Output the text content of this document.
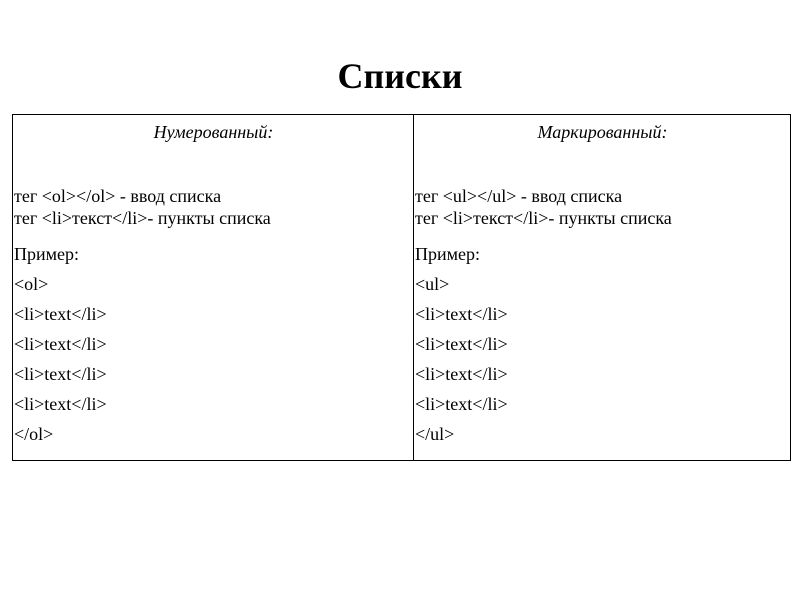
Списки
Нумерованный:
тег <ol></ol> - ввод списка
тег <li>текст</li>- пункты списка
Пример:
<ol>
<li>text</li>
<li>text</li>
<li>text</li>
<li>text</li>
</ol>

Маркированный:
тег <ul></ul> - ввод списка
тег <li>текст</li>- пункты списка
Пример:
<ul>
<li>text</li>
<li>text</li>
<li>text</li>
<li>text</li>
</ul>
